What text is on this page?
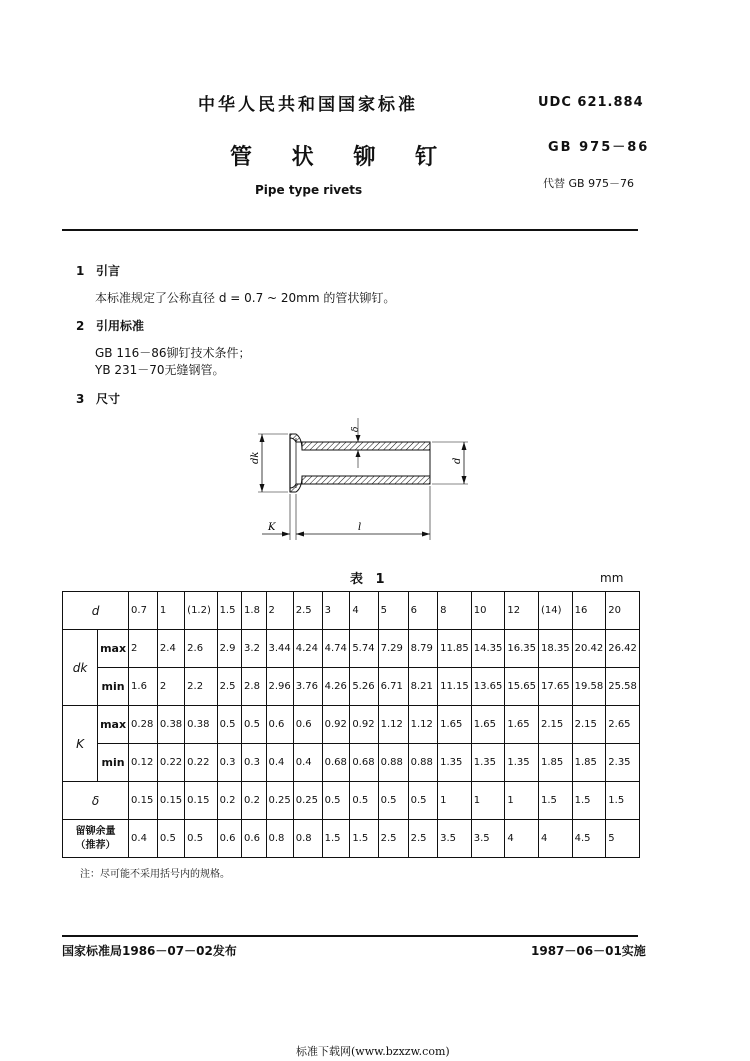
中华人民共和国国家标准	UDC 621.884
管 状 铆 钉	GB 975－86
Pipe type rivets	代替 GB 975－76
1 引言
本标准规定了公称直径 d = 0.7 ~ 20mm 的管状铆钉。
2 引用标准
GB 116－86铆钉技术条件；
YB 231－70无缝钢管。
3 尺寸
dk	d
δ
K	l
表 1	mm
d		0.7	1	(1.2)	1.5	1.8	2	2.5	3	4	5	6	8	10	12	(14)	16	20
dk	max	2	2.4	2.6	2.9	3.2	3.44	4.24	4.74	5.74	7.29	8.79	11.85	14.35	16.35	18.35	20.42	26.42
	min	1.6	2	2.2	2.5	2.8	2.96	3.76	4.26	5.26	6.71	8.21	11.15	13.65	15.65	17.65	19.58	25.58
K	max	0.28	0.38	0.38	0.5	0.5	0.6	0.6	0.92	0.92	1.12	1.12	1.65	1.65	1.65	2.15	2.15	2.65
	min	0.12	0.22	0.22	0.3	0.3	0.4	0.4	0.68	0.68	0.88	0.88	1.35	1.35	1.35	1.85	1.85	2.35
δ		0.15	0.15	0.15	0.2	0.2	0.25	0.25	0.5	0.5	0.5	0.5	1	1	1	1.5	1.5	1.5

留铆余量
（推荐）		0.4	0.5	0.5	0.6	0.6	0.8	0.8	1.5	1.5	2.5	2.5	3.5	3.5	4	4	4.5	5
注：尽可能不采用括号内的规格。
国家标准局1986－07－02发布	1987－06－01实施
标准下载网(www.bzxzw.com)
